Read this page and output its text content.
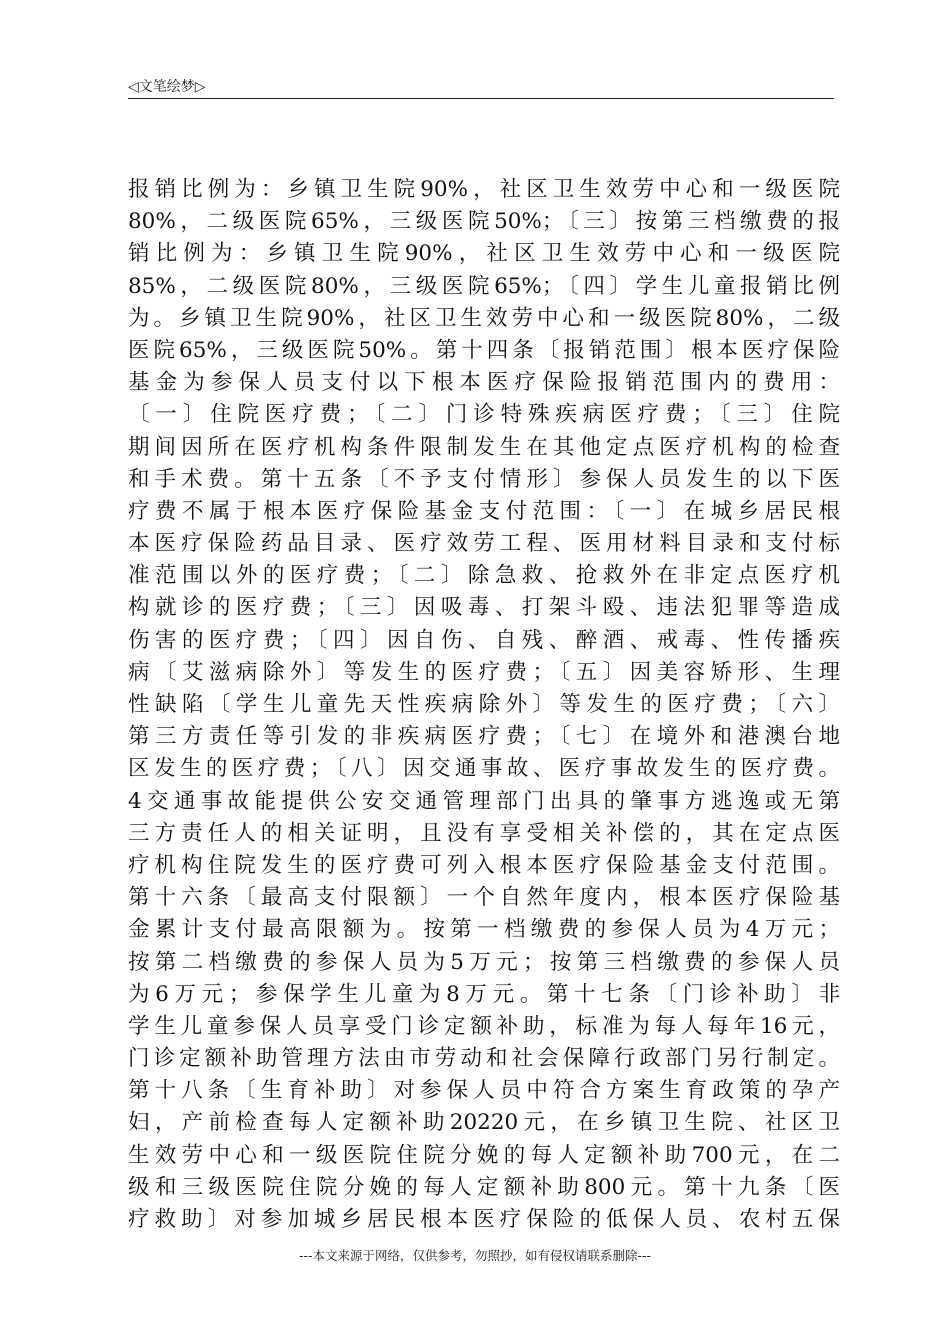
◁文笔绘梦▷
报销比例为：乡镇卫生院90%，社区卫生效劳中心和一级医院
80%，二级医院65%，三级医院50%；〔三〕按第三档缴费的报
销比例为：乡镇卫生院90%，社区卫生效劳中心和一级医院
85%，二级医院80%，三级医院65%；〔四〕学生儿童报销比例
为。乡镇卫生院90%，社区卫生效劳中心和一级医院80%，二级
医院65%，三级医院50%。第十四条〔报销范围〕根本医疗保险
基金为参保人员支付以下根本医疗保险报销范围内的费用：
〔一〕住院医疗费；〔二〕门诊特殊疾病医疗费；〔三〕住院
期间因所在医疗机构条件限制发生在其他定点医疗机构的检查
和手术费。第十五条〔不予支付情形〕参保人员发生的以下医
疗费不属于根本医疗保险基金支付范围：〔一〕在城乡居民根
本医疗保险药品目录、医疗效劳工程、医用材料目录和支付标
准范围以外的医疗费；〔二〕除急救、抢救外在非定点医疗机
构就诊的医疗费；〔三〕因吸毒、打架斗殴、违法犯罪等造成
伤害的医疗费；〔四〕因自伤、自残、醉酒、戒毒、性传播疾
病〔艾滋病除外〕等发生的医疗费；〔五〕因美容矫形、生理
性缺陷〔学生儿童先天性疾病除外〕等发生的医疗费；〔六〕
第三方责任等引发的非疾病医疗费；〔七〕在境外和港澳台地
区发生的医疗费；〔八〕因交通事故、医疗事故发生的医疗费。
4交通事故能提供公安交通管理部门出具的肇事方逃逸或无第
三方责任人的相关证明，且没有享受相关补偿的，其在定点医
疗机构住院发生的医疗费可列入根本医疗保险基金支付范围。
第十六条〔最高支付限额〕一个自然年度内，根本医疗保险基
金累计支付最高限额为。按第一档缴费的参保人员为4万元；
按第二档缴费的参保人员为5万元；按第三档缴费的参保人员
为6万元；参保学生儿童为8万元。第十七条〔门诊补助〕非
学生儿童参保人员享受门诊定额补助，标准为每人每年16元，
门诊定额补助管理方法由市劳动和社会保障行政部门另行制定。
第十八条〔生育补助〕对参保人员中符合方案生育政策的孕产
妇，产前检查每人定额补助20220元，在乡镇卫生院、社区卫
生效劳中心和一级医院住院分娩的每人定额补助700元，在二
级和三级医院住院分娩的每人定额补助800元。第十九条〔医
疗救助〕对参加城乡居民根本医疗保险的低保人员、农村五保
---本文来源于网络，仅供参考，勿照抄，如有侵权请联系删除---
